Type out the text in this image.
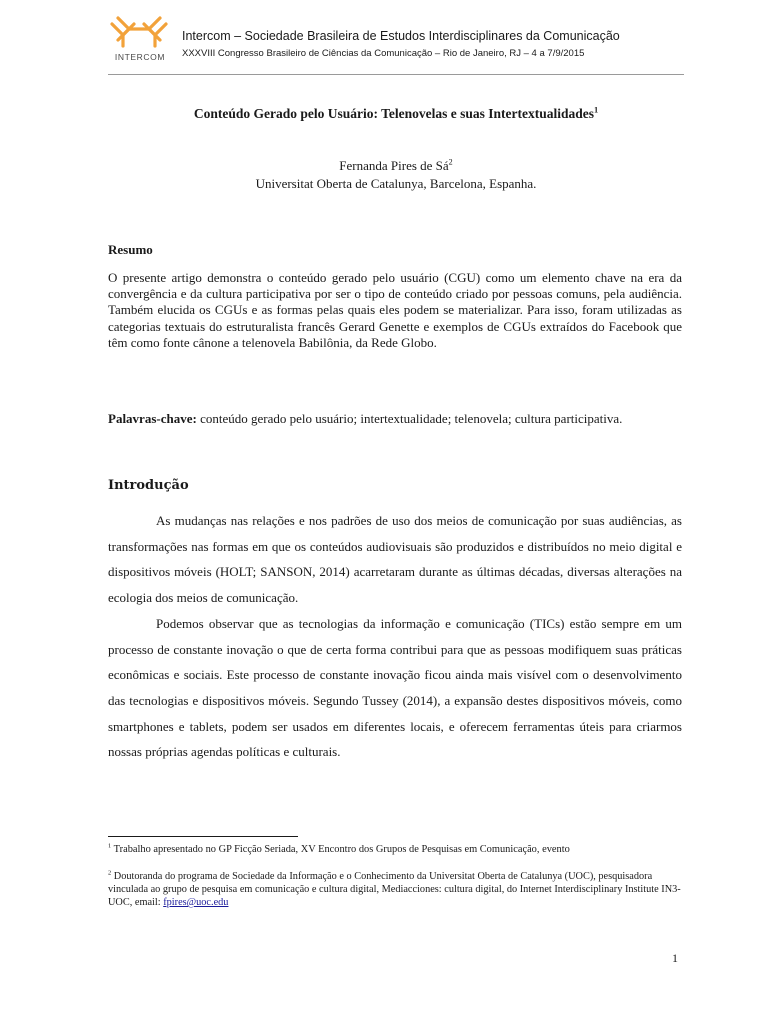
INTERCOM
Intercom – Sociedade Brasileira de Estudos Interdisciplinares da Comunicação
XXXVIII Congresso Brasileiro de Ciências da Comunicação – Rio de Janeiro, RJ – 4 a 7/9/2015
Conteúdo Gerado pelo Usuário: Telenovelas e suas Intertextualidades$^1$
Fernanda Pires de $Sá^2$
Universitat Oberta de Catalunya, Barcelona, Espanha.
Resumo

O presente artigo demonstra o conteúdo gerado pelo usuário (CGU) como um elemento chave na era da convergência e da cultura participativa por ser o tipo de conteúdo criado por pessoas comuns, pela audiência. Também elucida os CGUs e as formas pelas quais eles podem se materializar. Para isso, foram utilizadas as categorias textuais do estruturalista francês Gerard Genette e exemplos de CGUs extraídos do Facebook que têm como fonte cânone a telenovela Babilônia, da Rede Globo.

Palavras-chave: conteúdo gerado pelo usuário; intertextualidade; telenovela; cultura participativa.

Introdução

As mudanças nas relações e nos padrões de uso dos meios de comunicação por suas audiências, as transformações nas formas em que os conteúdos audiovisuais são produzidos e distribuídos no meio digital e dispositivos móveis (HOLT; SANSON, 2014) acarretaram durante as últimas décadas, diversas alterações na ecologia dos meios de comunicação.

Podemos observar que as tecnologias da informação e comunicação (TICs) estão sempre em um processo de constante inovação o que de certa forma contribui para que as pessoas modifiquem suas práticas econômicas e sociais. Este processo de constante inovação ficou ainda mais visível com o desenvolvimento das tecnologias e dispositivos móveis. Segundo Tussey (2014), a expansão destes dispositivos móveis, como smartphones e tablets, podem ser usados em diferentes locais, e oferecem ferramentas úteis para criarmos nossas próprias agendas políticas e culturais.

$^1$ Trabalho apresentado no GP Ficção Seriada, XV Encontro dos Grupos de Pesquisas em Comunicação, evento

$^2$ Doutoranda do programa de Sociedade da Informação e o Conhecimento da Universitat Oberta de Catalunya (UOC), pesquisadora vinculada ao grupo de pesquisa em comunicação e cultura digital, Mediacciones: cultura digital, do Internet Interdisciplinary Institute IN3-UOC, email: fpires@uoc.edu

1
